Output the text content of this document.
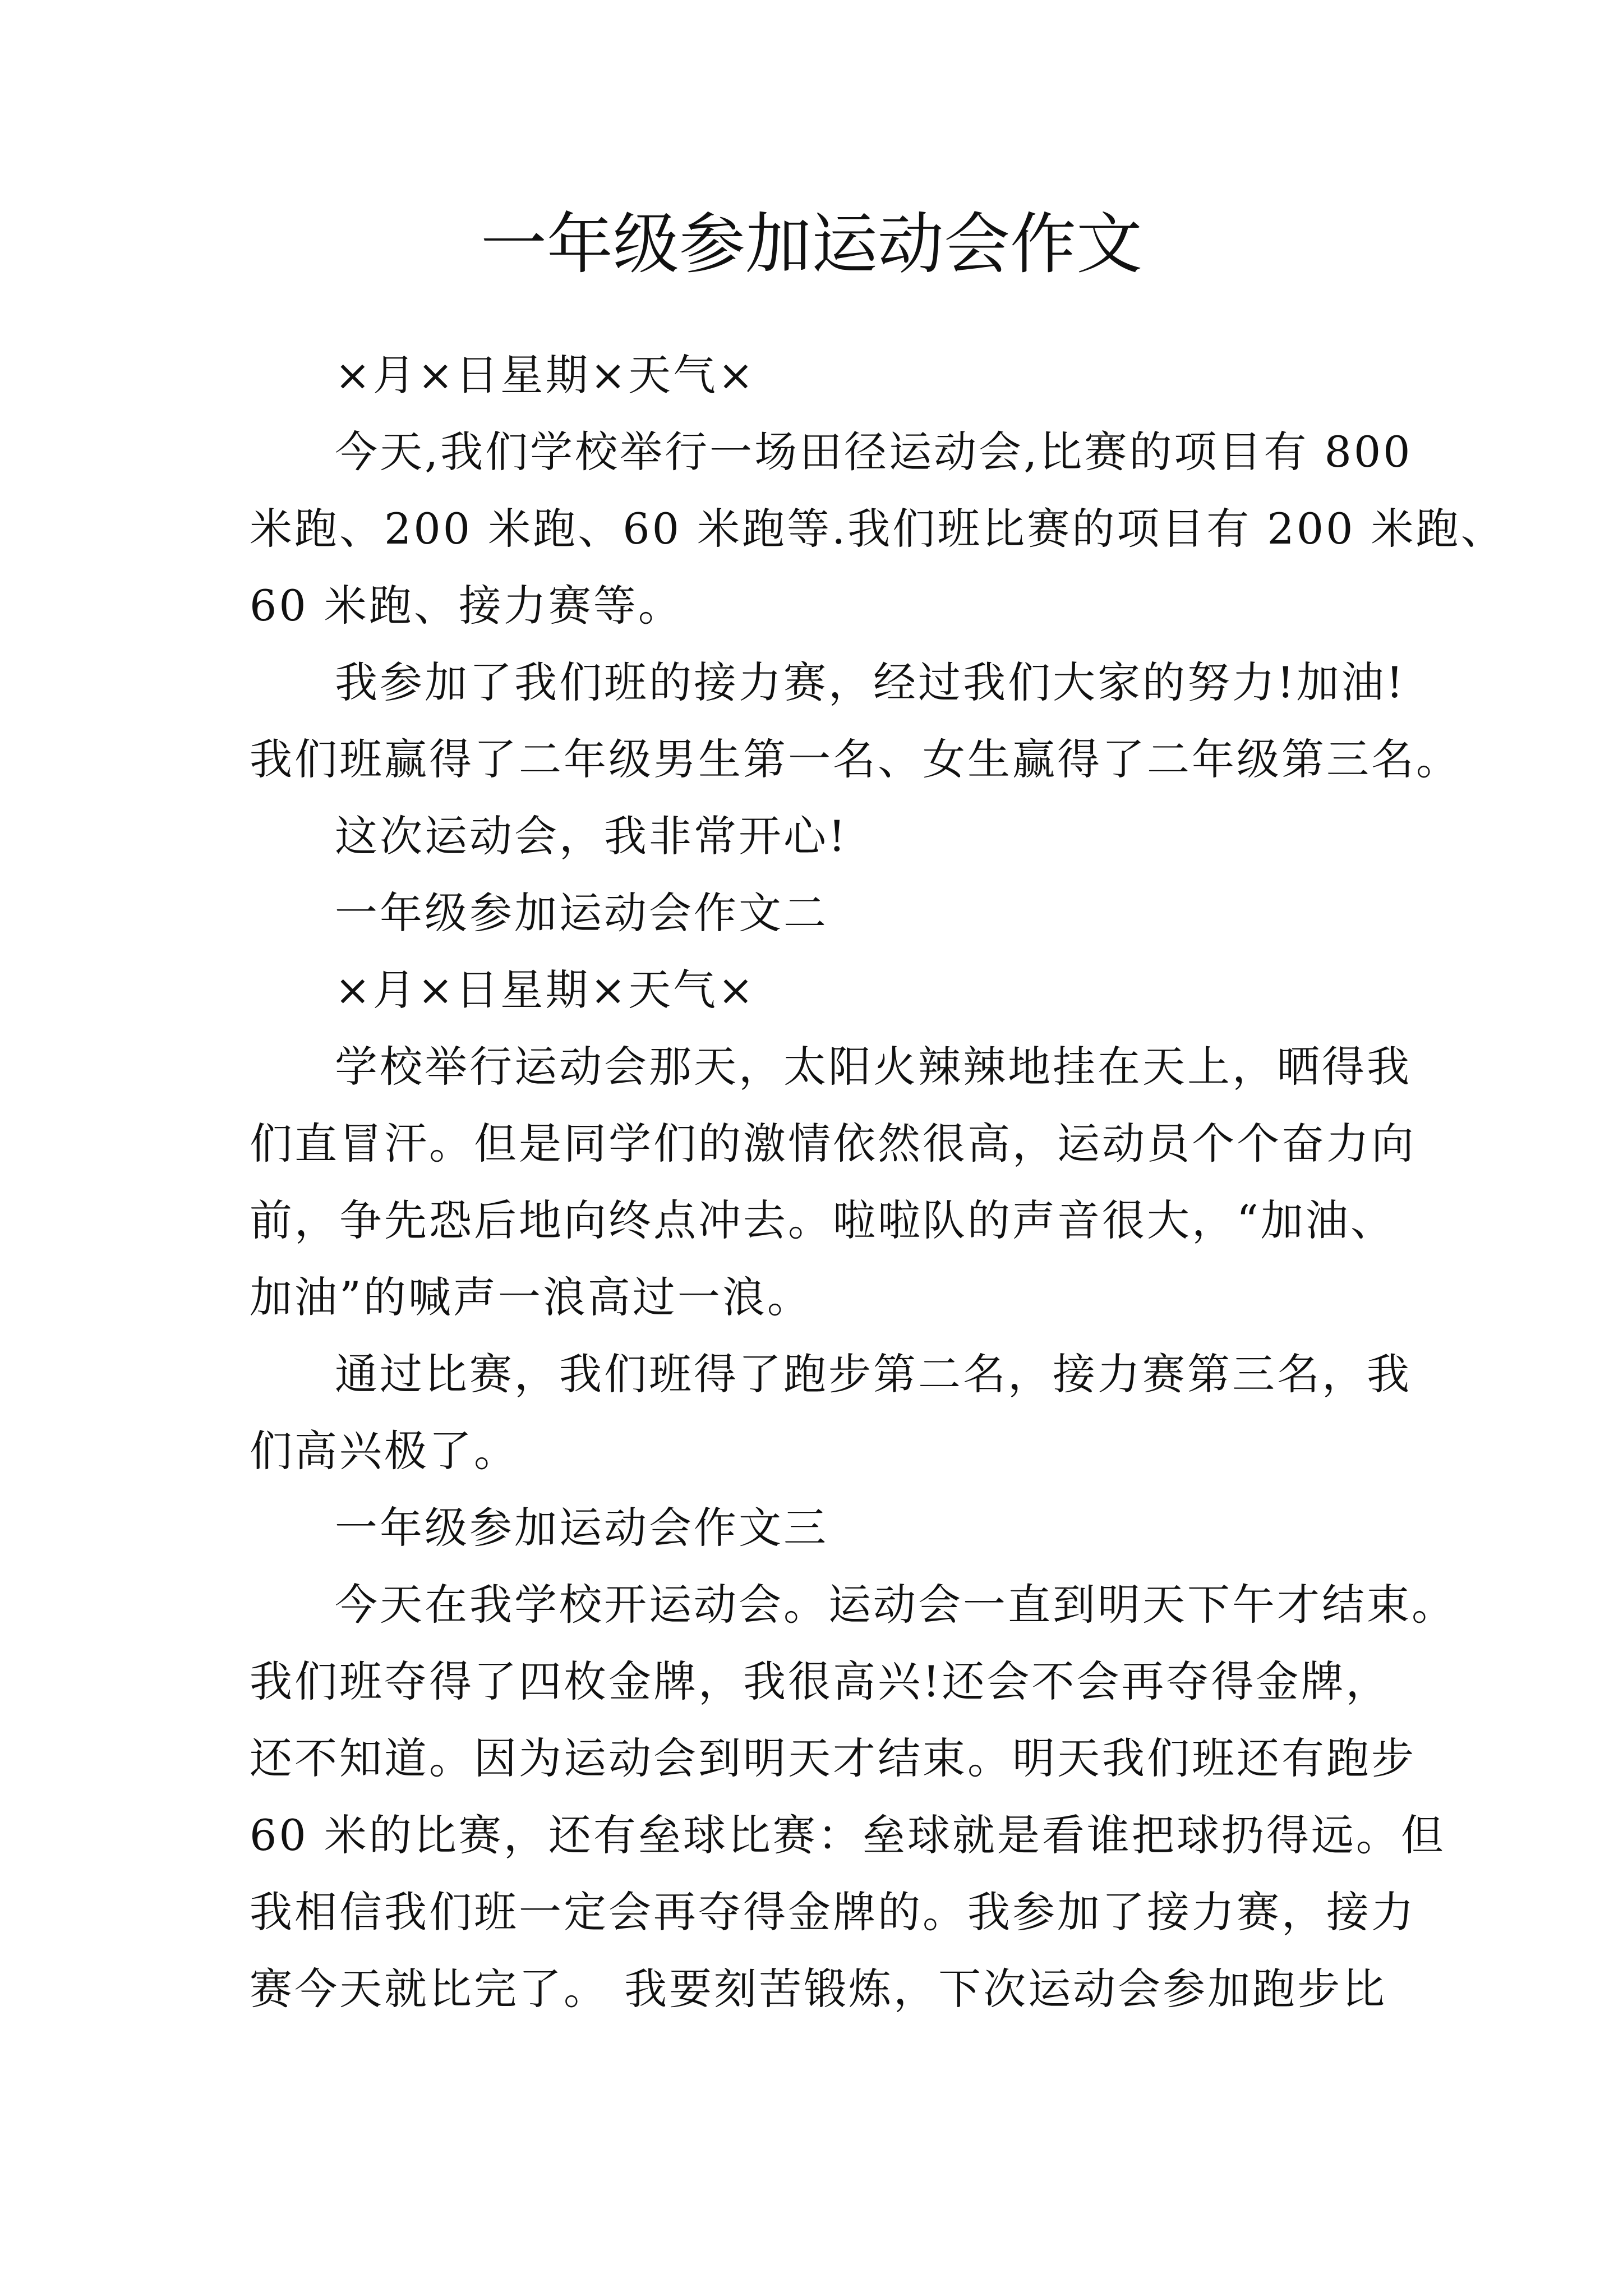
一年级参加运动会作文
×月×日星期×天气×
今天,我们学校举行一场田径运动会,比赛的项目有 800
米跑、200 米跑、60 米跑等.我们班比赛的项目有 200 米跑、
60 米跑、接力赛等。
我参加了我们班的接力赛，经过我们大家的努力!加油!
我们班赢得了二年级男生第一名、女生赢得了二年级第三名。
这次运动会，我非常开心!
一年级参加运动会作文二
×月×日星期×天气×
学校举行运动会那天，太阳火辣辣地挂在天上，晒得我
们直冒汗。但是同学们的激情依然很高，运动员个个奋力向
前，争先恐后地向终点冲去。啦啦队的声音很大，“加油、
加油”的喊声一浪高过一浪。
通过比赛，我们班得了跑步第二名，接力赛第三名，我
们高兴极了。
一年级参加运动会作文三
今天在我学校开运动会。运动会一直到明天下午才结束。
我们班夺得了四枚金牌，我很高兴!还会不会再夺得金牌，
还不知道。因为运动会到明天才结束。明天我们班还有跑步
60 米的比赛，还有垒球比赛：垒球就是看谁把球扔得远。但
我相信我们班一定会再夺得金牌的。我参加了接力赛，接力
赛今天就比完了。 我要刻苦锻炼，下次运动会参加跑步比
